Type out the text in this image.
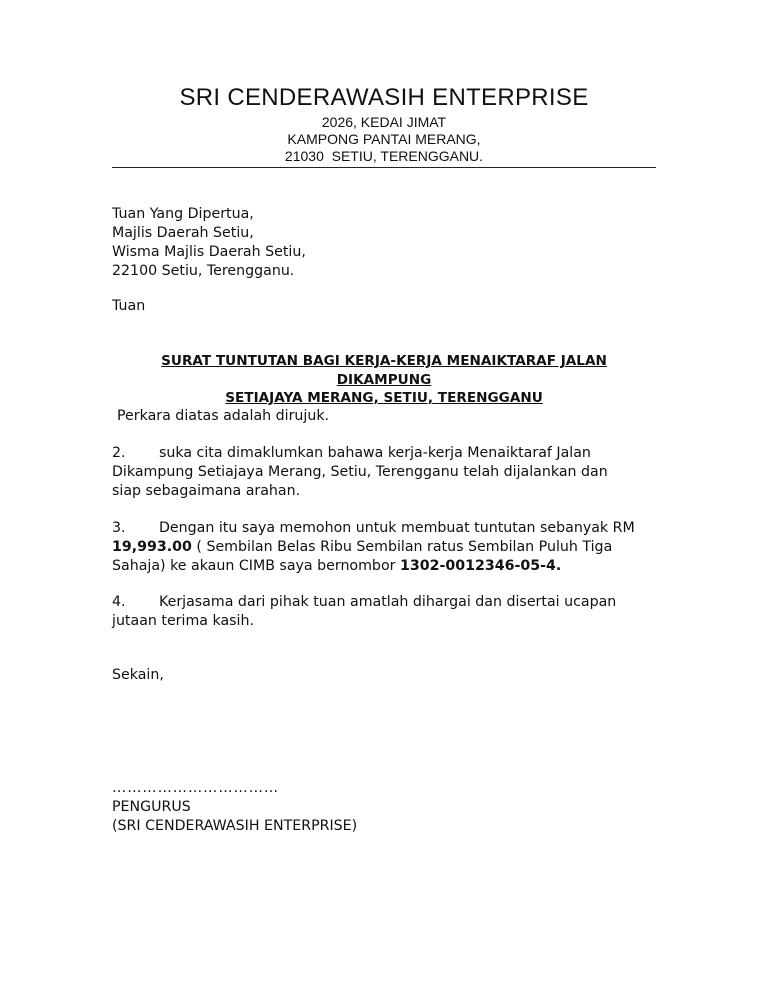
SRI CENDERAWASIH ENTERPRISE
2026, KEDAI JIMAT
KAMPONG PANTAI MERANG,
21030  SETIU, TERENGGANU.
Tuan Yang Dipertua,
Majlis Daerah Setiu,
Wisma Majlis Daerah Setiu,
22100 Setiu, Terengganu.
Tuan
SURAT TUNTUTAN BAGI KERJA-KERJA MENAIKTARAF JALAN DIKAMPUNG
SETIAJAYA MERANG, SETIU, TERENGGANU
Perkara diatas adalah dirujuk.
2. suka cita dimaklumkan bahawa kerja-kerja Menaiktaraf Jalan
Dikampung Setiajaya Merang, Setiu, Terengganu telah dijalankan dan
siap sebagaimana arahan.
3. Dengan itu saya memohon untuk membuat tuntutan sebanyak RM
19,993.00 ( Sembilan Belas Ribu Sembilan ratus Sembilan Puluh Tiga
Sahaja) ke akaun CIMB saya bernombor 1302-0012346-05-4.
4. Kerjasama dari pihak tuan amatlah dihargai dan disertai ucapan
jutaan terima kasih.
Sekain,
……………………………
PENGURUS
(SRI CENDERAWASIH ENTERPRISE)
